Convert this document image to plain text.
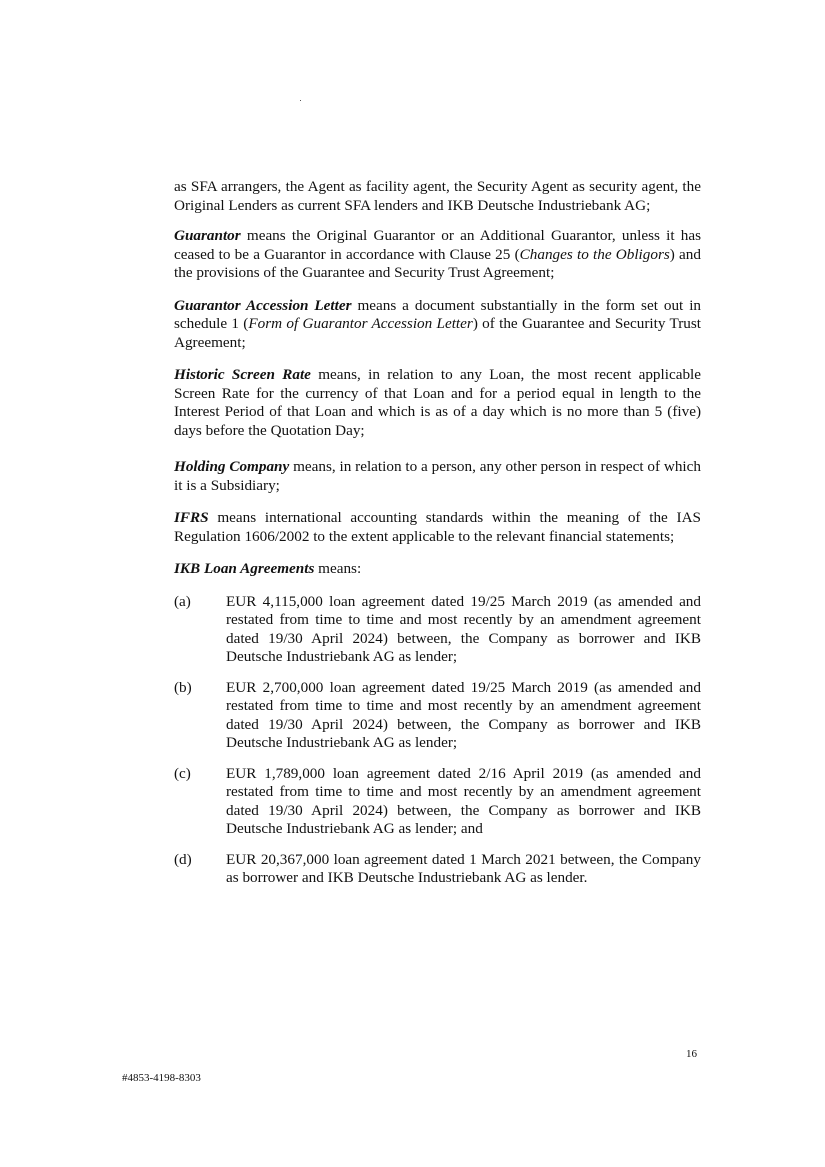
as SFA arrangers, the Agent as facility agent, the Security Agent as security agent, the Original Lenders as current SFA lenders and IKB Deutsche Industriebank AG;

Guarantor means the Original Guarantor or an Additional Guarantor, unless it has ceased to be a Guarantor in accordance with Clause 25 (Changes to the Obligors) and the provisions of the Guarantee and Security Trust Agreement;

Guarantor Accession Letter means a document substantially in the form set out in schedule 1 (Form of Guarantor Accession Letter) of the Guarantee and Security Trust Agreement;

Historic Screen Rate means, in relation to any Loan, the most recent applicable Screen Rate for the currency of that Loan and for a period equal in length to the Interest Period of that Loan and which is as of a day which is no more than 5 (five) days before the Quotation Day;

Holding Company means, in relation to a person, any other person in respect of which it is a Subsidiary;

IFRS means international accounting standards within the meaning of the IAS Regulation 1606/2002 to the extent applicable to the relevant financial statements;

IKB Loan Agreements means:

(a)	EUR 4,115,000 loan agreement dated 19/25 March 2019 (as amended and restated from time to time and most recently by an amendment agreement dated 19/30 April 2024) between, the Company as borrower and IKB Deutsche Industriebank AG as lender;
(b)	EUR 2,700,000 loan agreement dated 19/25 March 2019 (as amended and restated from time to time and most recently by an amendment agreement dated 19/30 April 2024) between, the Company as borrower and IKB Deutsche Industriebank AG as lender;
(c)	EUR 1,789,000 loan agreement dated 2/16 April 2019 (as amended and restated from time to time and most recently by an amendment agreement dated 19/30 April 2024) between, the Company as borrower and IKB Deutsche Industriebank AG as lender; and
(d)	EUR 20,367,000 loan agreement dated 1 March 2021 between, the Company as borrower and IKB Deutsche Industriebank AG as lender.
16
#4853-4198-8303
